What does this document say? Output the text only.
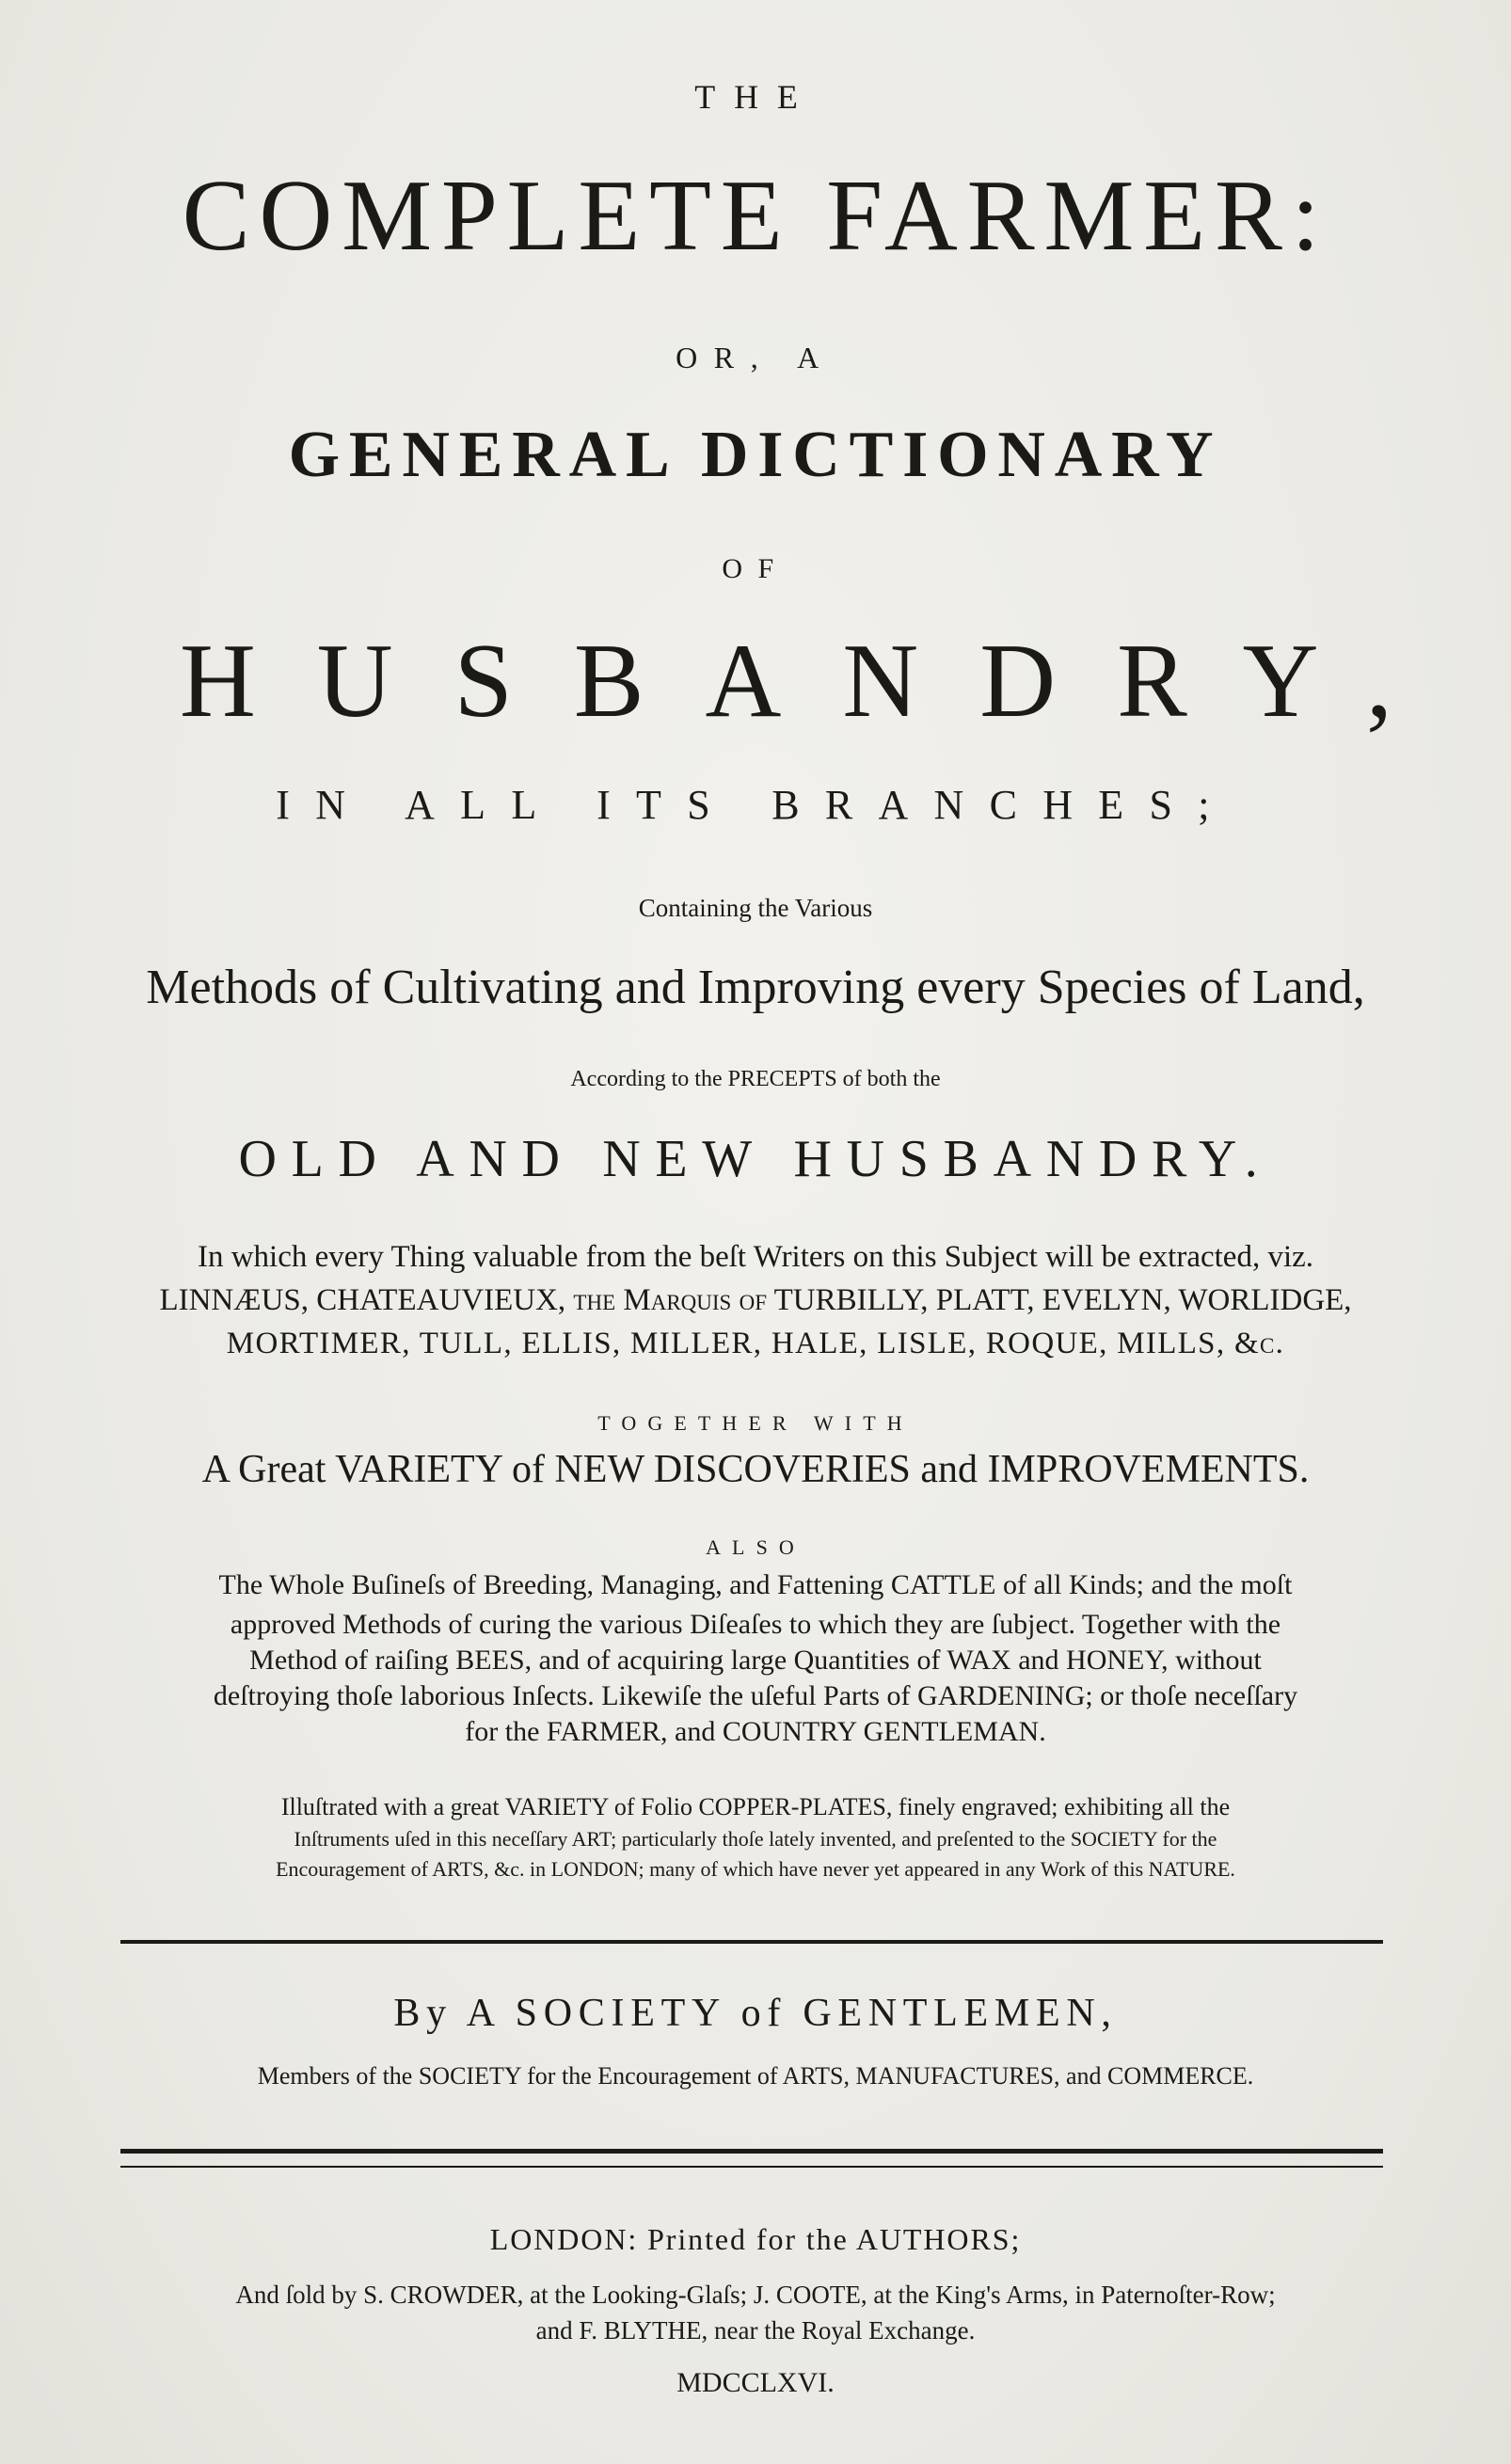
THE
COMPLETE FARMER:
OR, A
GENERAL DICTIONARY
OF
HUSBANDRY,
IN ALL ITS BRANCHES;
Containing the Various
Methods of Cultivating and Improving every Species of Land,
According to the PRECEPTS of both the
OLD AND NEW HUSBANDRY.
In which every Thing valuable from the beſt Writers on this Subject will be extracted, viz.
LINNÆUS, CHATEAUVIEUX, the Marquis of TURBILLY, PLATT, EVELYN, WORLIDGE,
MORTIMER, TULL, ELLIS, MILLER, HALE, LISLE, ROQUE, MILLS, &c.
TOGETHER WITH
A Great VARIETY of NEW DISCOVERIES and IMPROVEMENTS.
ALSO
The Whole Buſineſs of Breeding, Managing, and Fattening CATTLE of all Kinds; and the moſt
approved Methods of curing the various Diſeaſes to which they are ſubject. Together with the
Method of raiſing BEES, and of acquiring large Quantities of WAX and HONEY, without
deſtroying thoſe laborious Inſects. Likewiſe the uſeful Parts of GARDENING; or thoſe neceſſary
for the FARMER, and COUNTRY GENTLEMAN.
Illuſtrated with a great VARIETY of Folio COPPER-PLATES, finely engraved; exhibiting all the
Inſtruments uſed in this neceſſary ART; particularly thoſe lately invented, and preſented to the SOCIETY for the
Encouragement of ARTS, &c. in LONDON; many of which have never yet appeared in any Work of this NATURE.
By A SOCIETY of GENTLEMEN,
Members of the SOCIETY for the Encouragement of ARTS, MANUFACTURES, and COMMERCE.
LONDON: Printed for the AUTHORS;
And ſold by S. CROWDER, at the Looking-Glaſs; J. COOTE, at the King's Arms, in Paternoſter-Row;
and F. BLYTHE, near the Royal Exchange.
MDCCLXVI.
